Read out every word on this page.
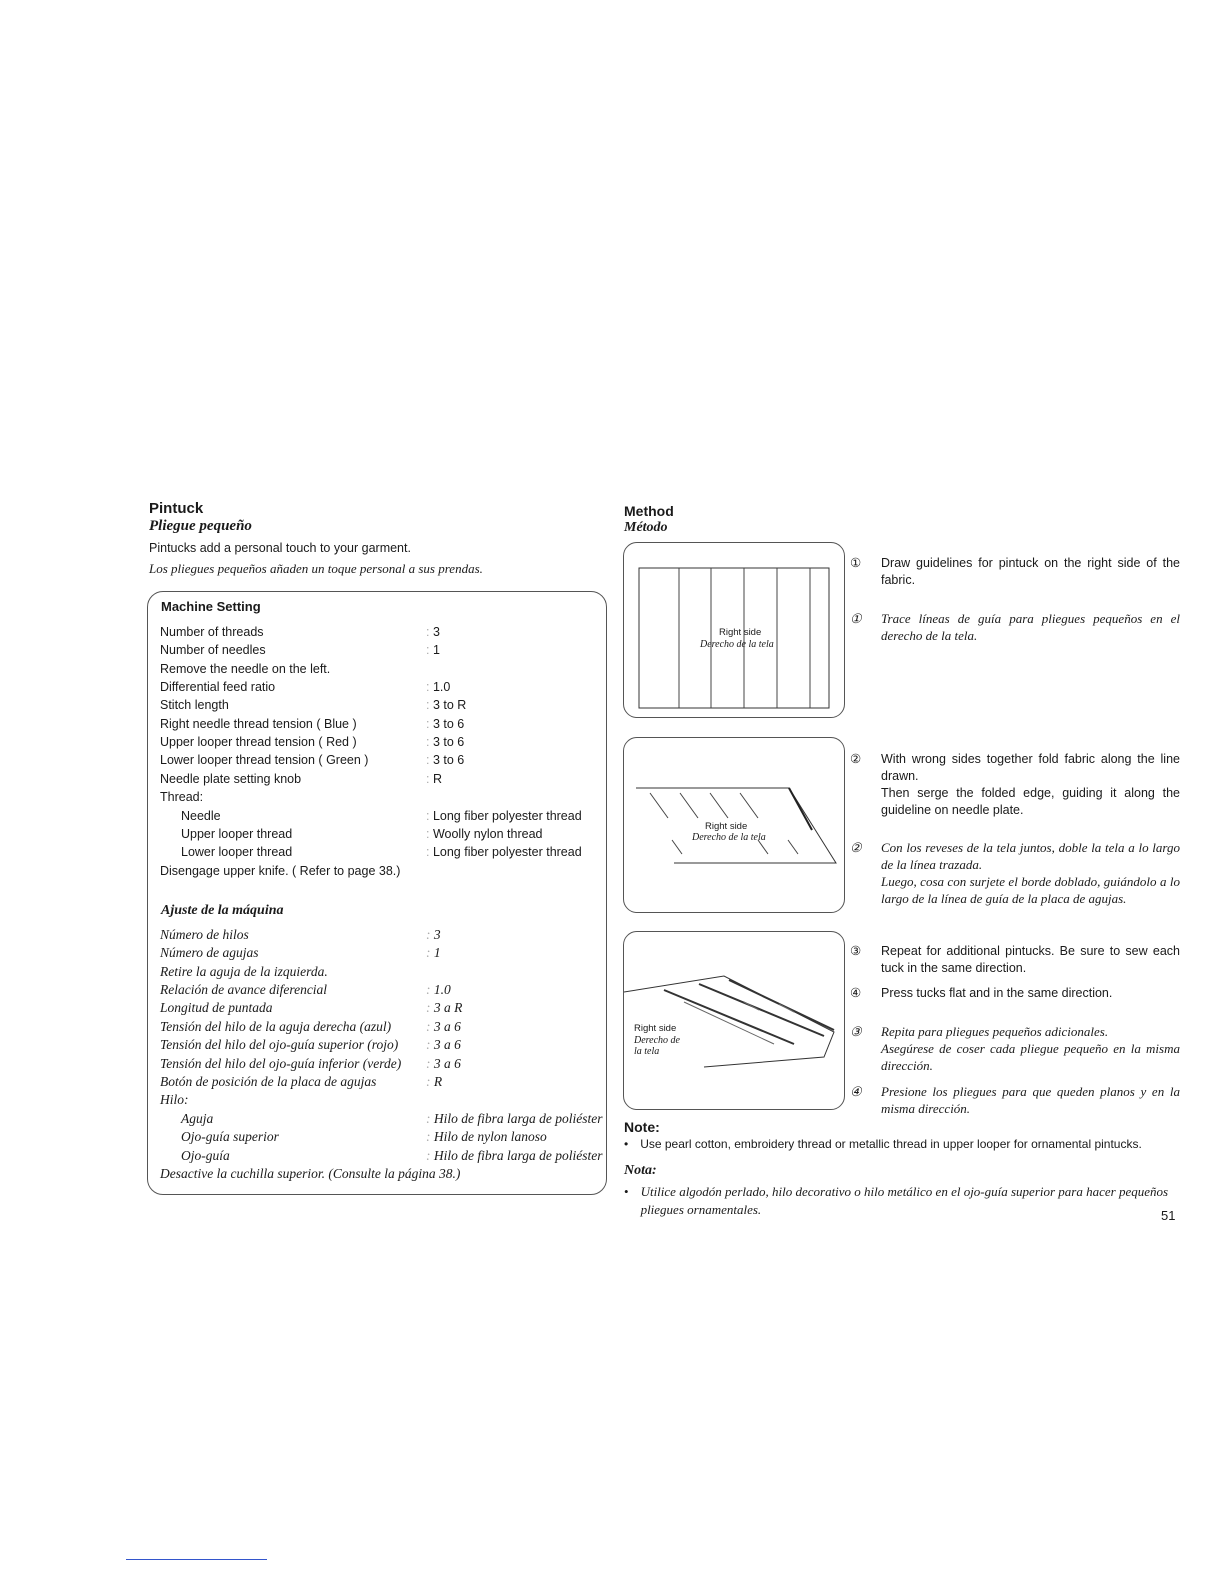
Pintuck
Pliegue pequeño
Pintucks add a personal touch to your garment.
Los pliegues pequeños añaden un toque personal a sus prendas.
Machine Setting
Number of threads	: 3
Number of needles	: 1
Remove the needle on the left.
Differential feed ratio	: 1.0
Stitch length	: 3 to R
Right needle thread tension ( Blue )	: 3 to 6
Upper looper thread tension ( Red )	: 3 to 6
Lower looper thread tension ( Green )	: 3 to 6
Needle plate setting knob	: R
Thread:
Needle	: Long fiber polyester thread
Upper looper thread	: Woolly nylon thread
Lower looper thread	: Long fiber polyester thread
Disengage upper knife. ( Refer to page 38.)
Ajuste de la máquina
Número de hilos	: 3
Número de agujas	: 1
Retire la aguja de la izquierda.
Relación de avance diferencial	: 1.0
Longitud de puntada	: 3 a R
Tensión del hilo de la aguja derecha (azul)	: 3 a 6
Tensión del hilo del ojo-guía superior (rojo)	: 3 a 6
Tensión del hilo del ojo-guía inferior (verde)	: 3 a 6
Botón de posición de la placa de agujas	: R
Hilo:
Aguja	: Hilo de fibra larga de poliéster
Ojo-guía superior	: Hilo de nylon lanoso
Ojo-guía	: Hilo de fibra larga de poliéster
Desactive la cuchilla superior. (Consulte la página 38.)
Method
Método
Right side
Derecho de la tela
Right side
Derecho de la tela
Right side
Derecho de
la tela
① Draw guidelines for pintuck on the right side of the fabric.
① Trace líneas de guía para pliegues pequeños en el derecho de la tela.
② With wrong sides together fold fabric along the line drawn.
Then serge the folded edge, guiding it along the guideline on needle plate.
② Con los reveses de la tela juntos, doble la tela a lo largo de la línea trazada.
Luego, cosa con surjete el borde doblado, guiándolo a lo largo de la línea de guía de la placa de agujas.
③ Repeat for additional pintucks. Be sure to sew each tuck in the same direction.
④ Press tucks flat and in the same direction.
③ Repita para pliegues pequeños adicionales.
Asegúrese de coser cada pliegue pequeño en la misma dirección.
④ Presione los pliegues para que queden planos y en la misma dirección.
Note:
• Use pearl cotton, embroidery thread or metallic thread in upper looper for ornamental pintucks.
Nota:
• Utilice algodón perlado, hilo decorativo o hilo metálico en el ojo-guía superior para hacer pequeños pliegues ornamentales.	51
